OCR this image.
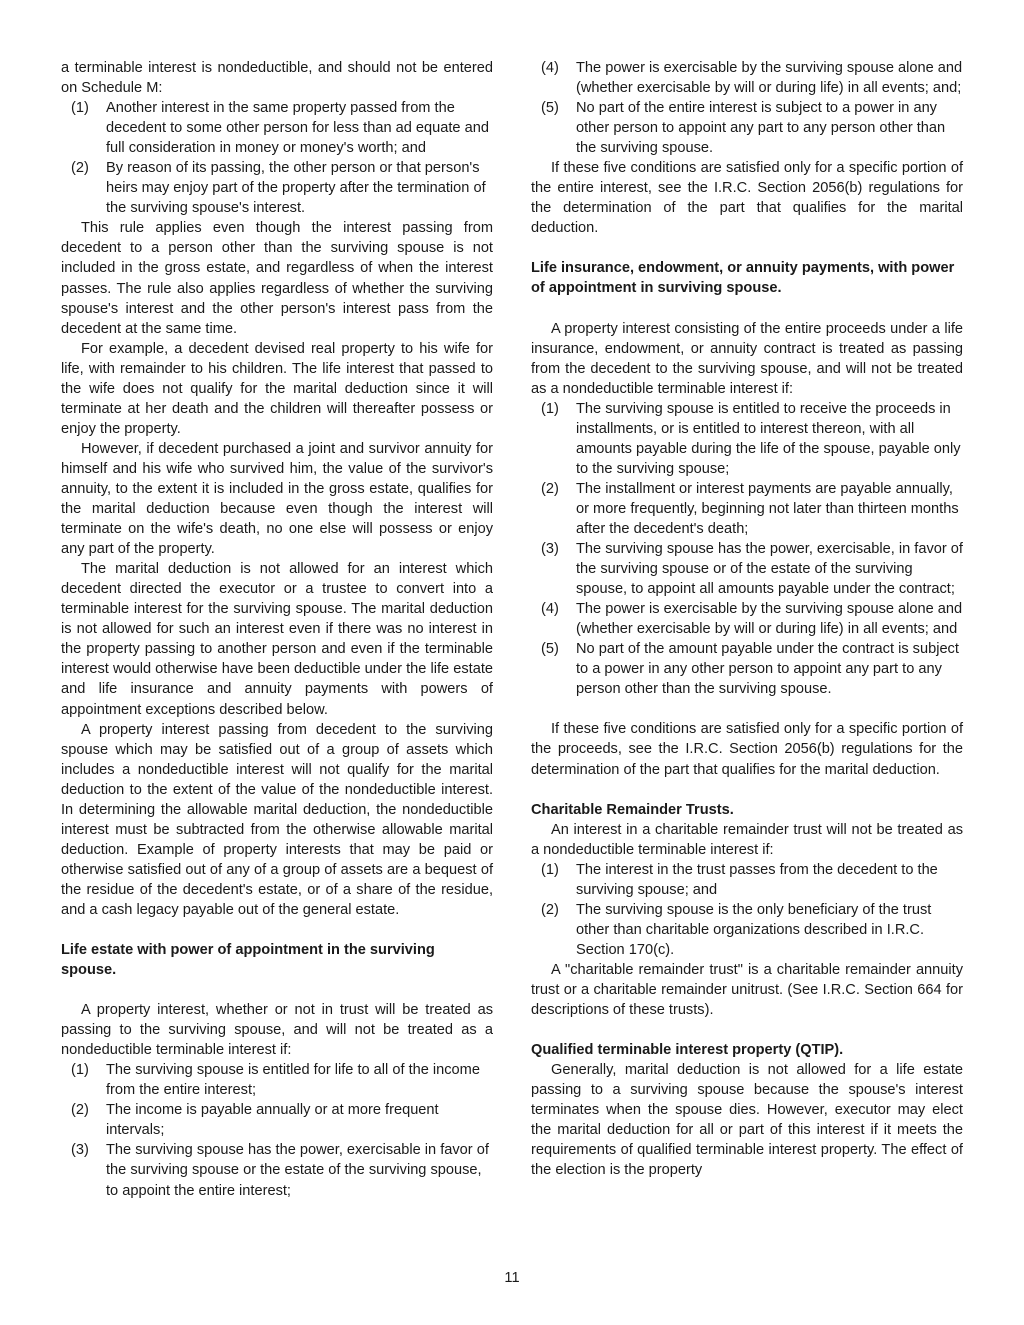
a terminable interest is nondeductible, and should not be entered on Schedule M:

(1) Another interest in the same property passed from the decedent to some other person for less than ad equate and full consideration in money or money's worth; and
(2) By reason of its passing, the other person or that person's heirs may enjoy part of the property after the termination of the surviving spouse's interest.

This rule applies even though the interest passing from decedent to a person other than the surviving spouse is not included in the gross estate, and regardless of when the interest passes. The rule also applies regardless of whether the surviving spouse's interest and the other person's interest pass from the decedent at the same time.

For example, a decedent devised real property to his wife for life, with remainder to his children. The life interest that passed to the wife does not qualify for the marital deduction since it will terminate at her death and the children will thereafter possess or enjoy the property.

However, if decedent purchased a joint and survivor annuity for himself and his wife who survived him, the value of the survivor's annuity, to the extent it is included in the gross estate, qualifies for the marital deduction because even though the interest will terminate on the wife's death, no one else will possess or enjoy any part of the property.

The marital deduction is not allowed for an interest which decedent directed the executor or a trustee to convert into a terminable interest for the surviving spouse. The marital deduction is not allowed for such an interest even if there was no interest in the property passing to another person and even if the terminable interest would otherwise have been deductible under the life estate and life insurance and annuity payments with powers of appointment exceptions described below.

A property interest passing from decedent to the surviving spouse which may be satisfied out of a group of assets which includes a nondeductible interest will not qualify for the marital deduction to the extent of the value of the nondeductible interest. In determining the allowable marital deduction, the nondeductible interest must be subtracted from the otherwise allowable marital deduction. Example of property interests that may be paid or otherwise satisfied out of any of a group of assets are a bequest of the residue of the decedent's estate, or of a share of the residue, and a cash legacy payable out of the general estate.

Life estate with power of appointment in the surviving spouse.

A property interest, whether or not in trust will be treated as passing to the surviving spouse, and will not be treated as a nondeductible terminable interest if:

(1) The surviving spouse is entitled for life to all of the income from the entire interest;
(2) The income is payable annually or at more frequent intervals;
(3) The surviving spouse has the power, exercisable in favor of the surviving spouse or the estate of the surviving spouse, to appoint the entire interest;
(4) The power is exercisable by the surviving spouse alone and (whether exercisable by will or during life) in all events; and;
(5) No part of the entire interest is subject to a power in any other person to appoint any part to any person other than the surviving spouse.

If these five conditions are satisfied only for a specific portion of the entire interest, see the I.R.C. Section 2056(b) regulations for the determination of the part that qualifies for the marital deduction.

Life insurance, endowment, or annuity payments, with power of appointment in surviving spouse.

A property interest consisting of the entire proceeds under a life insurance, endowment, or annuity contract is treated as passing from the decedent to the surviving spouse, and will not be treated as a nondeductible terminable interest if:

(1) The surviving spouse is entitled to receive the proceeds in installments, or is entitled to interest thereon, with all amounts payable during the life of the spouse, payable only to the surviving spouse;
(2) The installment or interest payments are payable annually, or more frequently, beginning not later than thirteen months after the decedent's death;
(3) The surviving spouse has the power, exercisable, in favor of the surviving spouse or of the estate of the surviving spouse, to appoint all amounts payable under the contract;
(4) The power is exercisable by the surviving spouse alone and (whether exercisable by will or during life) in all events; and
(5) No part of the amount payable under the contract is subject to a power in any other person to appoint any part to any person other than the surviving spouse.

If these five conditions are satisfied only for a specific portion of the proceeds, see the I.R.C. Section 2056(b) regulations for the determination of the part that qualifies for the marital deduction.

Charitable Remainder Trusts.

An interest in a charitable remainder trust will not be treated as a nondeductible terminable interest if:

(1) The interest in the trust passes from the decedent to the surviving spouse; and
(2) The surviving spouse is the only beneficiary of the trust other than charitable organizations described in I.R.C. Section 170(c).

A "charitable remainder trust" is a charitable remainder annuity trust or a charitable remainder unitrust. (See I.R.C. Section 664 for descriptions of these trusts).

Qualified terminable interest property (QTIP).

Generally, marital deduction is not allowed for a life estate passing to a surviving spouse because the spouse's interest terminates when the spouse dies. However, executor may elect the marital deduction for all or part of this interest if it meets the requirements of qualified terminable interest property. The effect of the election is the property

11
